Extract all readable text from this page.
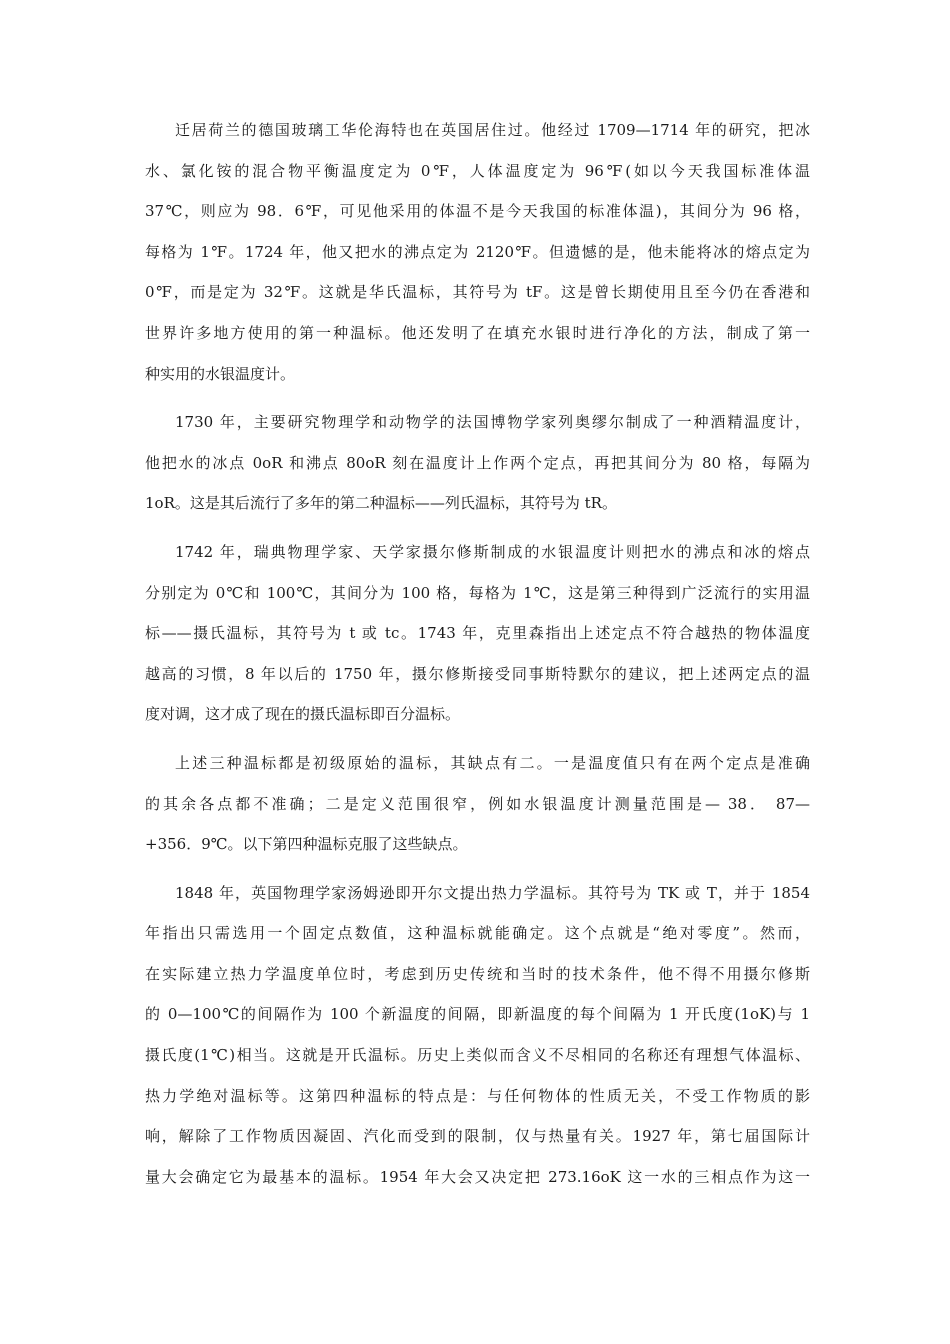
迁居荷兰的德国玻璃工华伦海特也在英国居住过。他经过 1709—1714 年的研究，把冰
水、氯化铵的混合物平衡温度定为 0℉，人体温度定为 96℉(如以今天我国标准体温
37℃，则应为 98．6℉，可见他采用的体温不是今天我国的标准体温)，其间分为 96 格，
每格为 1℉。1724 年，他又把水的沸点定为 2120℉。但遗憾的是，他未能将冰的熔点定为
0℉，而是定为 32℉。这就是华氏温标，其符号为 tF。这是曾长期使用且至今仍在香港和
世界许多地方使用的第一种温标。他还发明了在填充水银时进行净化的方法，制成了第一
种实用的水银温度计。
1730 年，主要研究物理学和动物学的法国博物学家列奥缪尔制成了一种酒精温度计，
他把水的冰点 0oR 和沸点 80oR 刻在温度计上作两个定点，再把其间分为 80 格，每隔为
1oR。这是其后流行了多年的第二种温标——列氏温标，其符号为 tR。
1742 年，瑞典物理学家、天学家摄尔修斯制成的水银温度计则把水的沸点和冰的熔点
分别定为 0℃和 100℃，其间分为 100 格，每格为 1℃，这是第三种得到广泛流行的实用温
标——摄氏温标，其符号为 t 或 tc。1743 年，克里森指出上述定点不符合越热的物体温度
越高的习惯，8 年以后的 1750 年，摄尔修斯接受同事斯特默尔的建议，把上述两定点的温
度对调，这才成了现在的摄氏温标即百分温标。
上述三种温标都是初级原始的温标，其缺点有二。一是温度值只有在两个定点是准确
的其余各点都不准确；二是定义范围很窄，例如水银温度计测量范围是— 38． 87—
+356．9℃。以下第四种温标克服了这些缺点。
1848 年，英国物理学家汤姆逊即开尔文提出热力学温标。其符号为 TK 或 T，并于 1854
年指出只需选用一个固定点数值，这种温标就能确定。这个点就是“绝对零度”。然而，
在实际建立热力学温度单位时，考虑到历史传统和当时的技术条件，他不得不用摄尔修斯
的 0—100℃的间隔作为 100 个新温度的间隔，即新温度的每个间隔为 1 开氏度(1oK)与 1
摄氏度(1℃)相当。这就是开氏温标。历史上类似而含义不尽相同的名称还有理想气体温标、
热力学绝对温标等。这第四种温标的特点是：与任何物体的性质无关，不受工作物质的影
响，解除了工作物质因凝固、汽化而受到的限制，仅与热量有关。1927 年，第七届国际计
量大会确定它为最基本的温标。1954 年大会又决定把 273.16oK 这一水的三相点作为这一
